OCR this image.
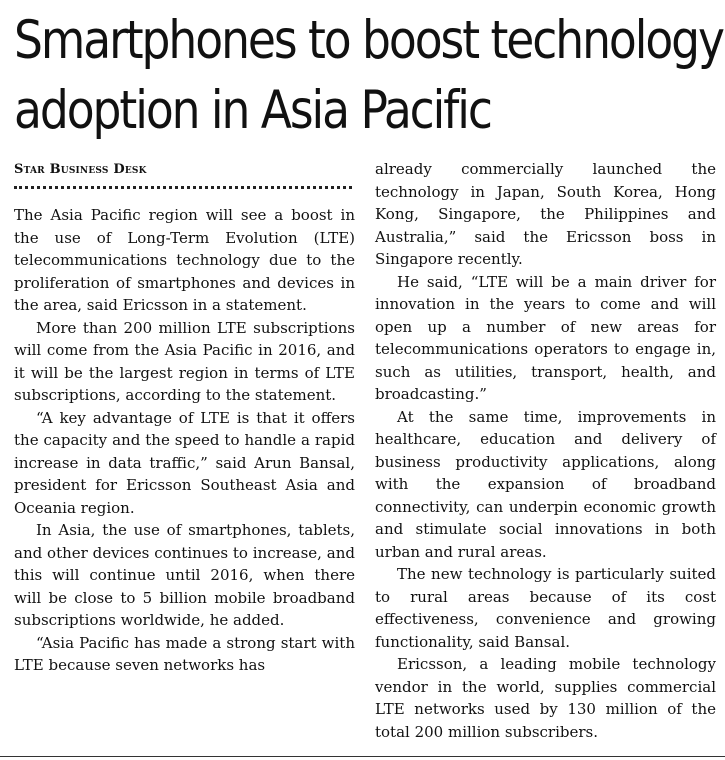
Smartphones to boost technology
adoption in Asia Pacific
Star Business Desk

The Asia Pacific region will see a boost in the use of Long-Term Evolution (LTE) telecommunications technology due to the proliferation of smartphones and devices in the area, said Ericsson in a statement.

More than 200 million LTE subscriptions will come from the Asia Pacific in 2016, and it will be the largest region in terms of LTE subscriptions, according to the statement.

“A key advantage of LTE is that it offers the capacity and the speed to handle a rapid increase in data traffic,” said Arun Bansal, president for Ericsson Southeast Asia and Oceania region.

In Asia, the use of smartphones, tablets, and other devices continues to increase, and this will continue until 2016, when there will be close to 5 billion mobile broadband subscriptions worldwide, he added.

“Asia Pacific has made a strong start with LTE because seven networks has

already commercially launched the technology in Japan, South Korea, Hong Kong, Singapore, the Philippines and Australia,” said the Ericsson boss in Singapore recently.

He said, “LTE will be a main driver for innovation in the years to come and will open up a number of new areas for telecommunications operators to engage in, such as utilities, transport, health, and broadcasting.”

At the same time, improvements in healthcare, education and delivery of business productivity applications, along with the expansion of broadband connectivity, can underpin economic growth and stimulate social innovations in both urban and rural areas.

The new technology is particularly suited to rural areas because of its cost effectiveness, convenience and growing functionality, said Bansal.

Ericsson, a leading mobile technology vendor in the world, supplies commercial LTE networks used by 130 million of the total 200 million subscribers.
